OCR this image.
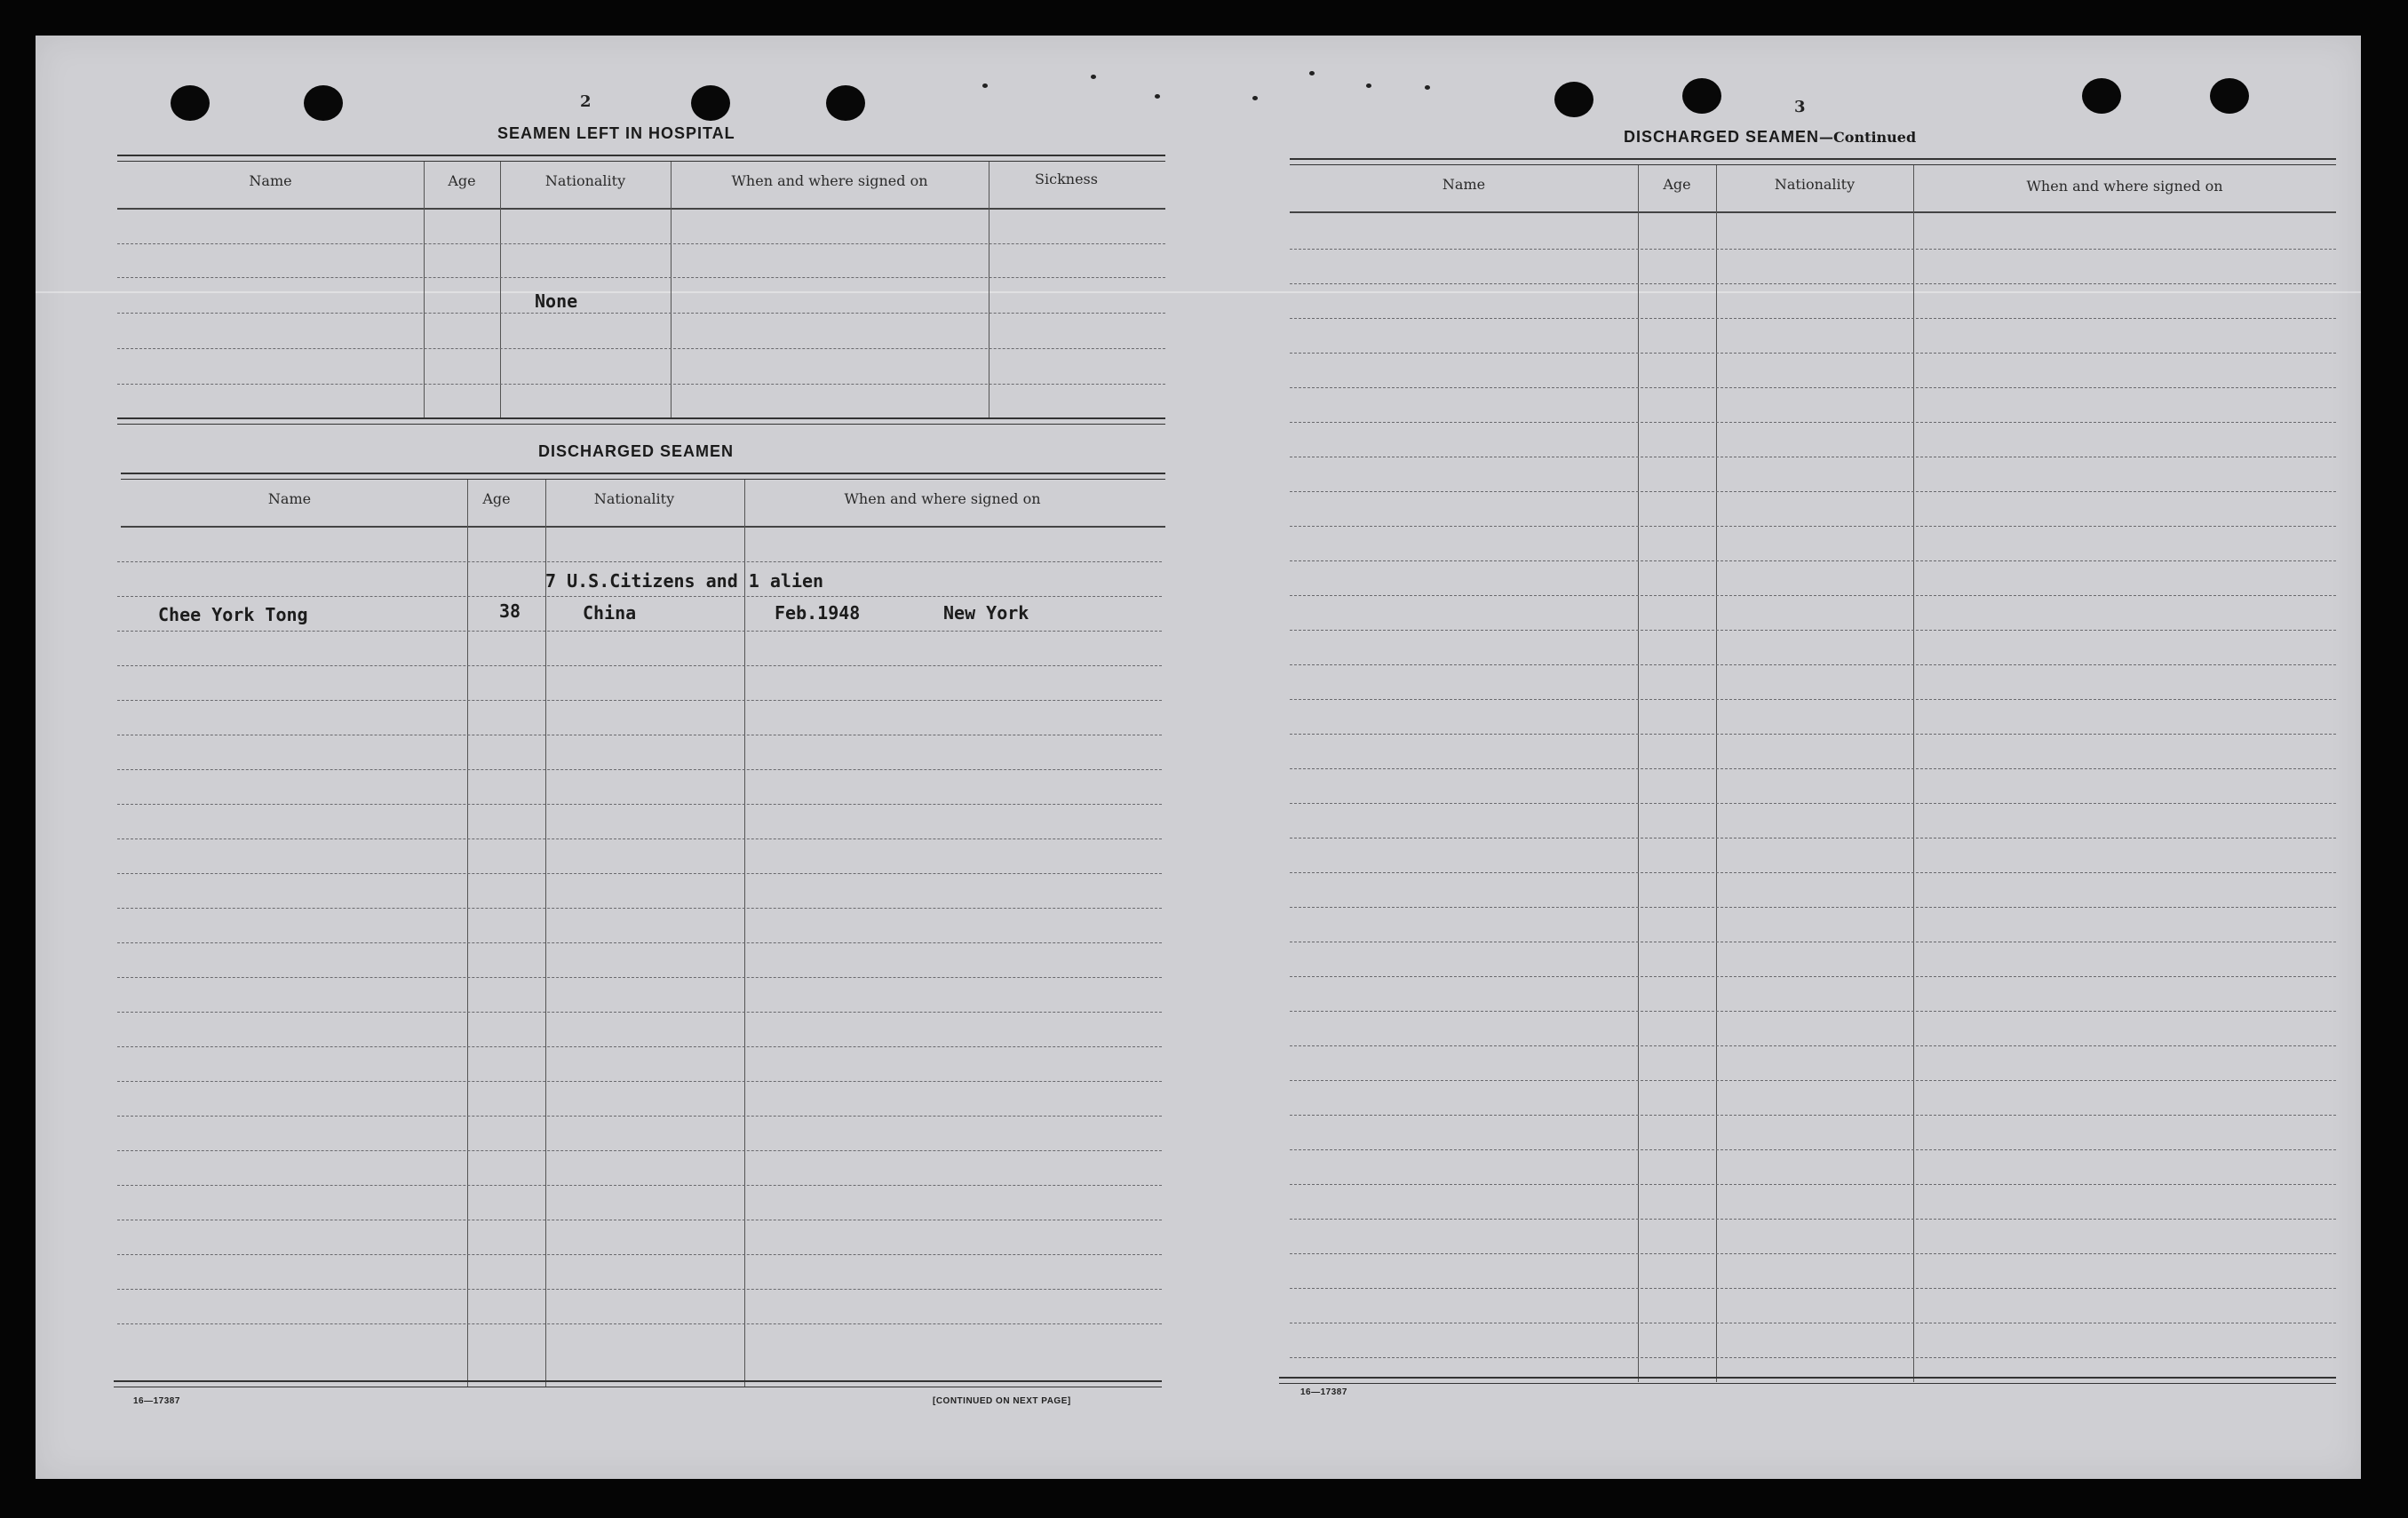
2
SEAMEN LEFT IN HOSPITAL
Name	Age	Nationality	When and where signed on	Sickness
None
DISCHARGED SEAMEN
Name	Age	Nationality	When and where signed on
7 U.S.Citizens and 1 alien
Chee York Tong	38	China	Feb.1948	New York
16—17387	[CONTINUED ON NEXT PAGE]
3
DISCHARGED SEAMEN—Continued
Name	Age	Nationality	When and where signed on
16—17387
